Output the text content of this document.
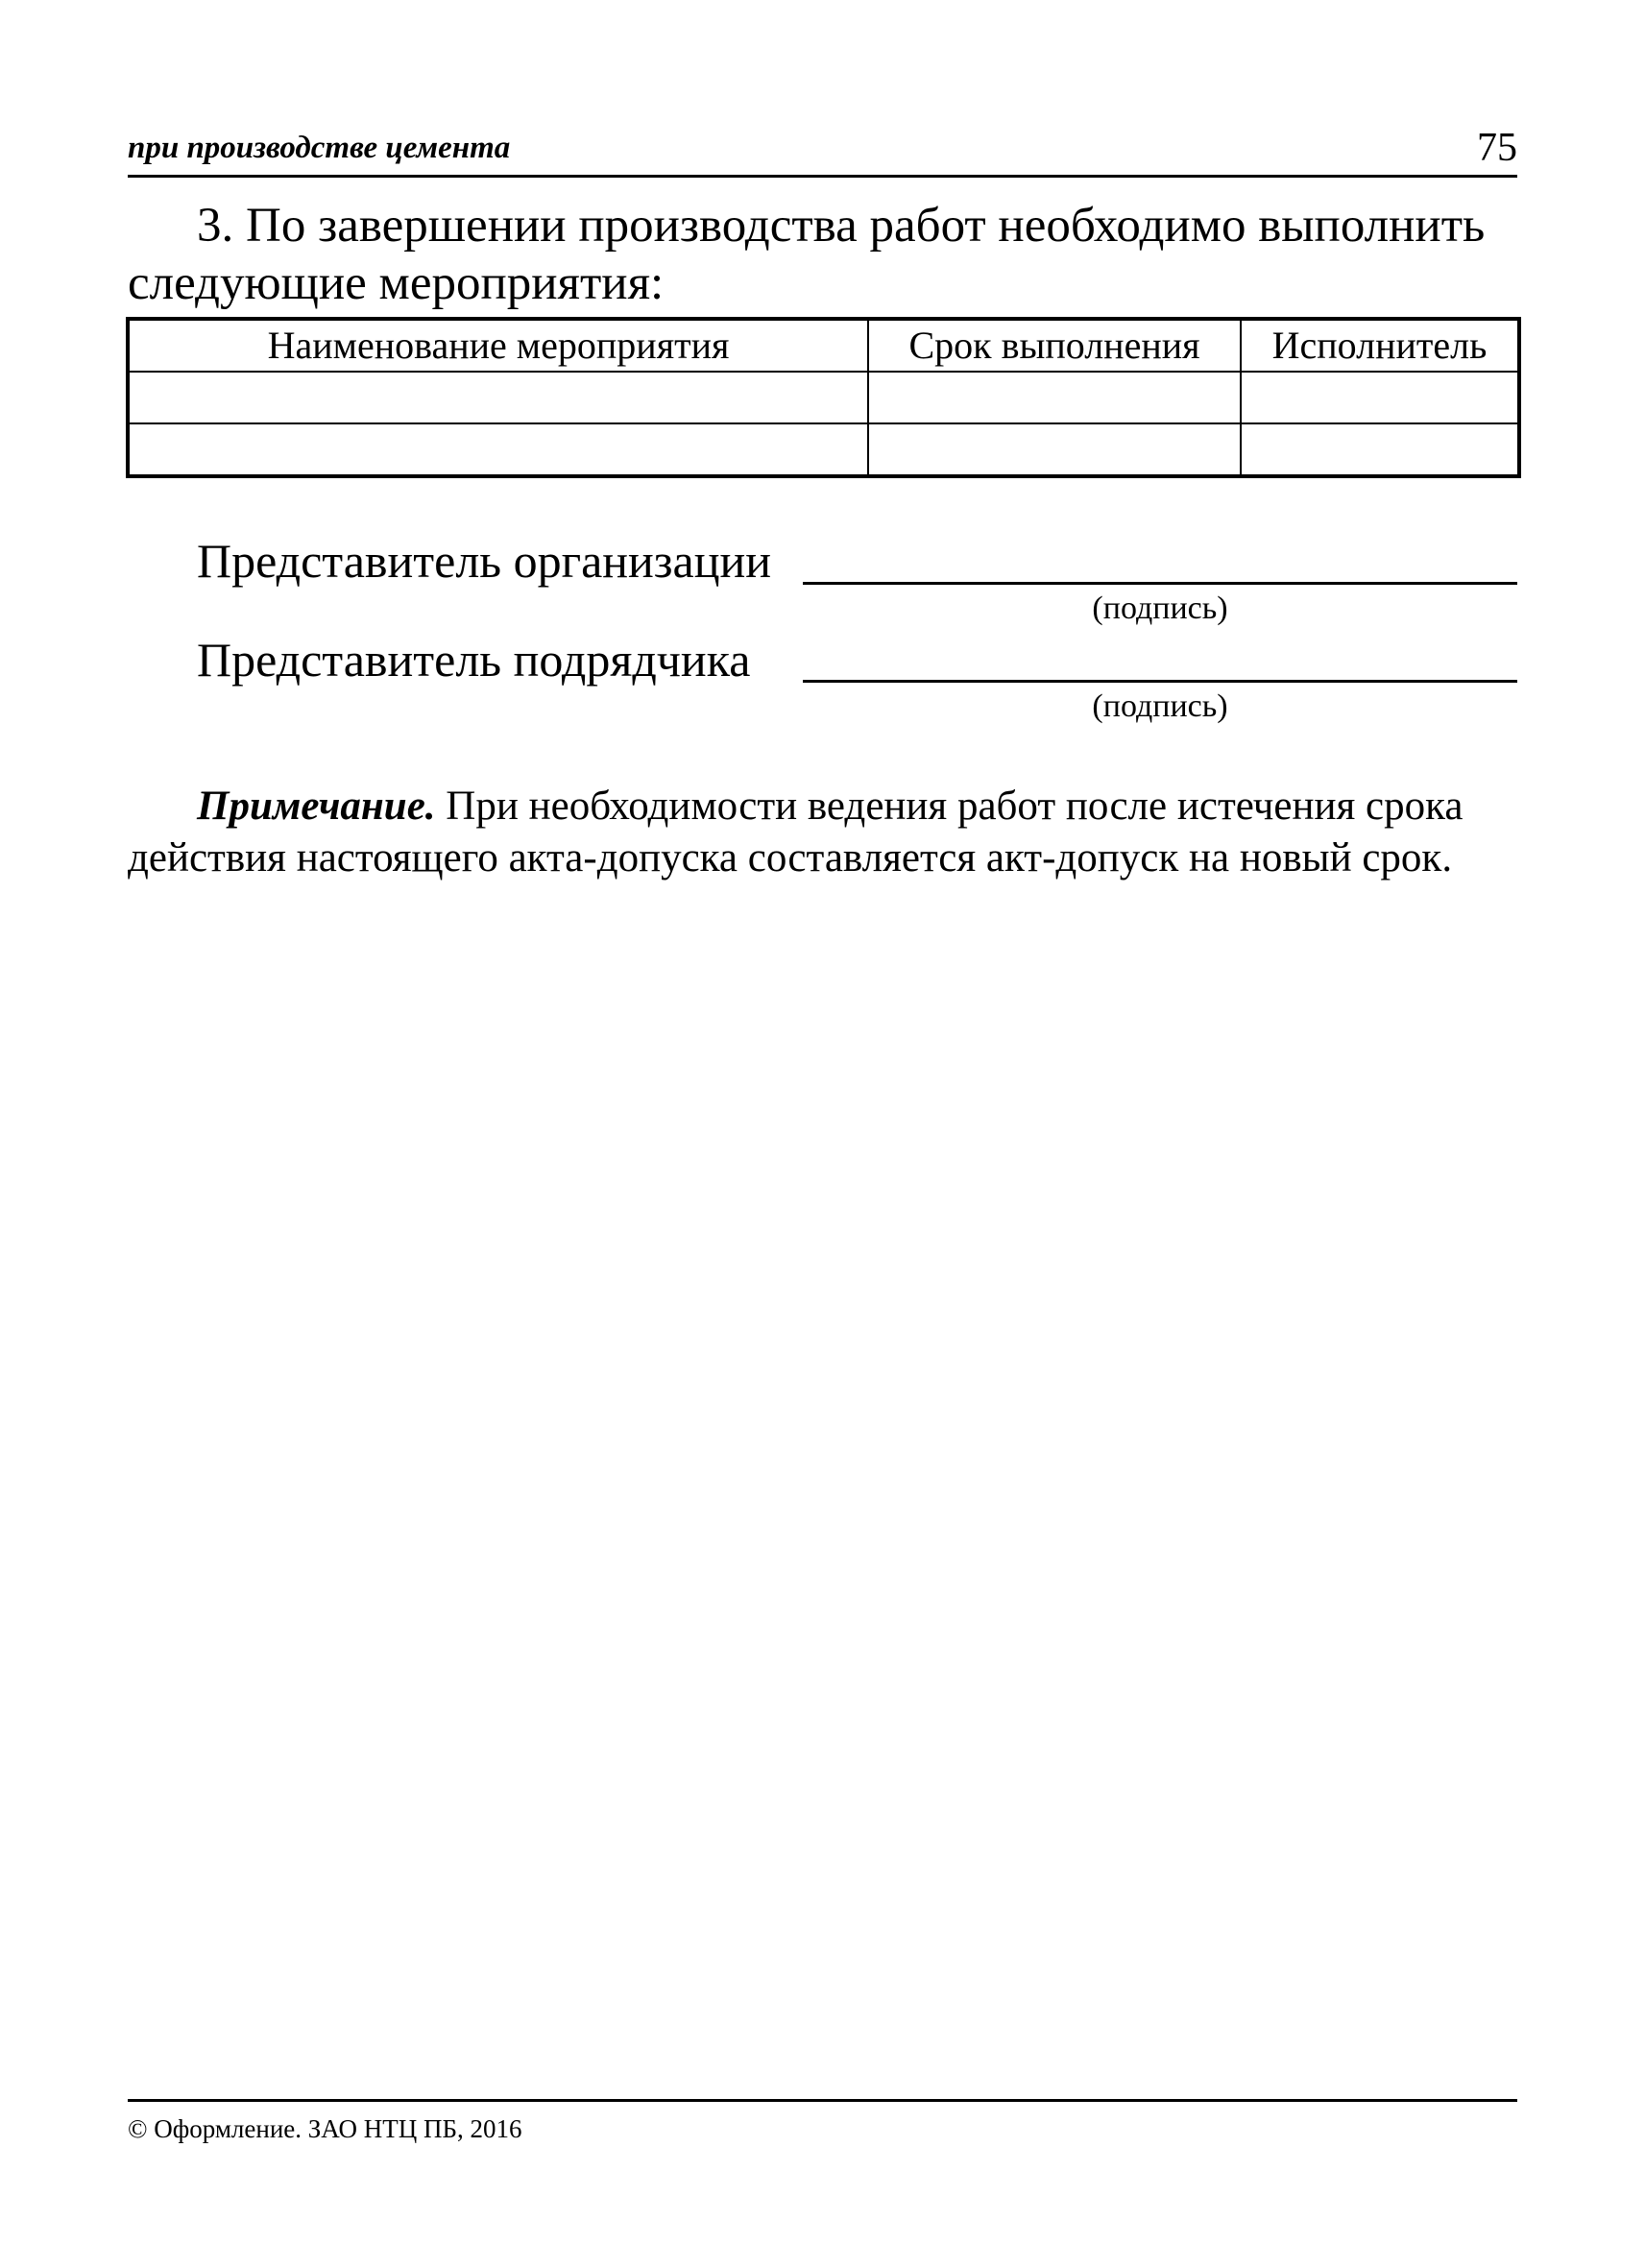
при производстве цемента	75
3. По завершении производства работ необходимо выполнить
следующие мероприятия:
Наименование мероприятия	Срок выполнения	Исполнитель

Представитель организации
(подпись)
Представитель подрядчика
(подпись)
Примечание. При необходимости ведения работ после истечения срока
действия настоящего акта-допуска составляется акт-допуск на новый срок.
© Оформление. ЗАО НТЦ ПБ, 2016
